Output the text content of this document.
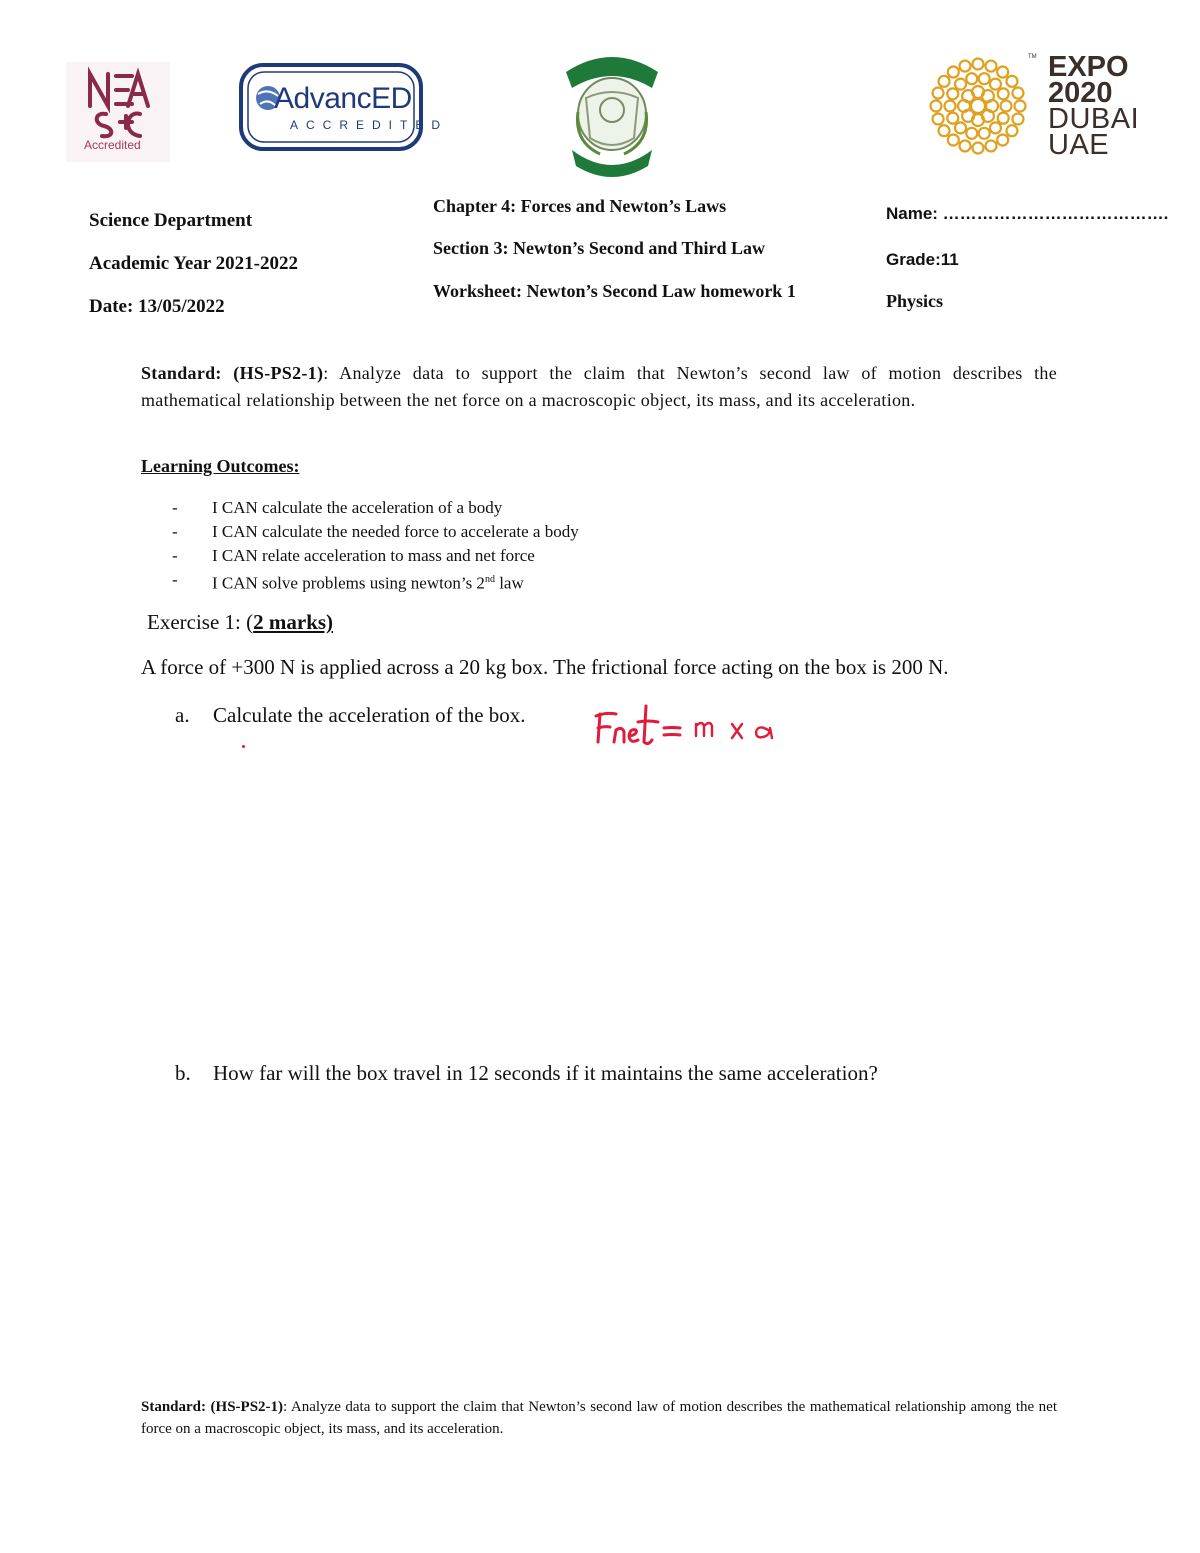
Accredited
AdvancED
ACCREDITED
TM EXPO
2020
DUBAI
UAE
Science Department
Academic Year 2021-2022
Date: 13/05/2022
Chapter 4: Forces and Newton’s Laws
Section 3: Newton’s Second and Third Law
Worksheet: Newton’s Second Law homework 1
Name: ………………………………….
Grade:11
Physics
Standard: (HS-PS2-1): Analyze data to support the claim that Newton’s second law of motion describes the mathematical relationship between the net force on a macroscopic object, its mass, and its acceleration.
Learning Outcomes:
- I CAN calculate the acceleration of a body
- I CAN calculate the needed force to accelerate a body
- I CAN relate acceleration to mass and net force
- I CAN solve problems using newton’s 2nd law
Exercise 1: (2 marks)
A force of +300 N is applied across a 20 kg box. The frictional force acting on the box is 200 N.
a. Calculate the acceleration of the box.
b. How far will the box travel in 12 seconds if it maintains the same acceleration?
Standard: (HS-PS2-1): Analyze data to support the claim that Newton’s second law of motion describes the mathematical relationship among the net force on a macroscopic object, its mass, and its acceleration.
